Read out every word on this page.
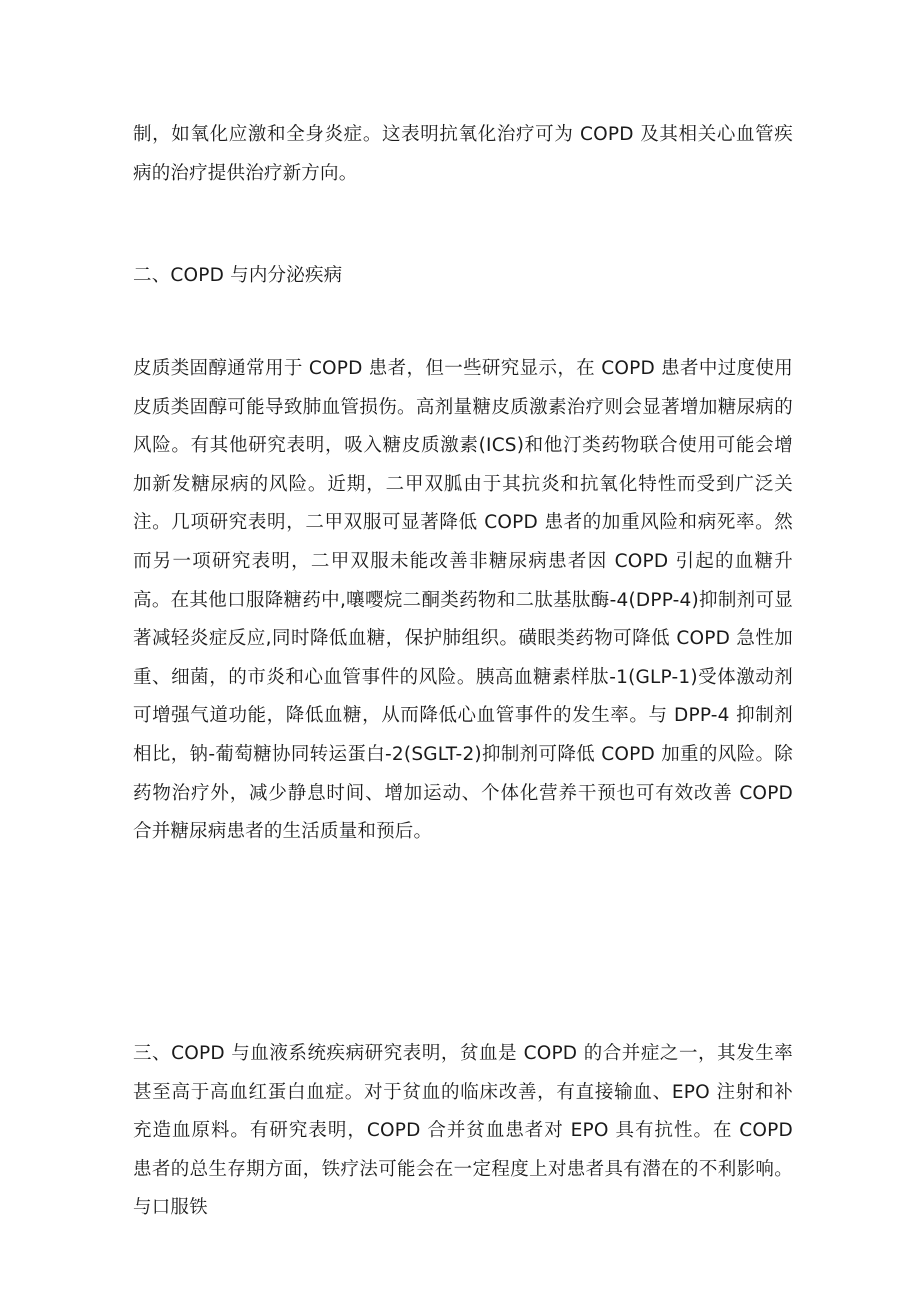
制，如氧化应激和全身炎症。这表明抗氧化治疗可为 COPD 及其相关心血管疾病的治疗提供治疗新方向。

二、COPD 与内分泌疾病

皮质类固醇通常用于 COPD 患者，但一些研究显示，在 COPD 患者中过度使用皮质类固醇可能导致肺血管损伤。高剂量糖皮质激素治疗则会显著增加糖尿病的风险。有其他研究表明，吸入糖皮质激素(ICS)和他汀类药物联合使用可能会增加新发糖尿病的风险。近期，二甲双胍由于其抗炎和抗氧化特性而受到广泛关注。几项研究表明，二甲双服可显著降低 COPD 患者的加重风险和病死率。然而另一项研究表明，二甲双服未能改善非糖尿病患者因 COPD 引起的血糖升高。在其他口服降糖药中,嚷嘤烷二酮类药物和二肽基肽酶-4(DPP-4)抑制剂可显著减轻炎症反应,同时降低血糖，保护肺组织。磺眼类药物可降低 COPD 急性加重、细菌，的市炎和心血管事件的风险。胰高血糖素样肽-1(GLP-1)受体激动剂可增强气道功能，降低血糖，从而降低心血管事件的发生率。与 DPP-4 抑制剂相比，钠-葡萄糖协同转运蛋白-2(SGLT-2)抑制剂可降低 COPD 加重的风险。除药物治疗外，减少静息时间、增加运动、个体化营养干预也可有效改善 COPD 合并糖尿病患者的生活质量和预后。

三、COPD 与血液系统疾病研究表明，贫血是 COPD 的合并症之一，其发生率甚至高于高血红蛋白血症。对于贫血的临床改善，有直接输血、EPO 注射和补充造血原料。有研究表明，COPD 合并贫血患者对 EPO 具有抗性。在 COPD 患者的总生存期方面，铁疗法可能会在一定程度上对患者具有潜在的不利影响。与口服铁
